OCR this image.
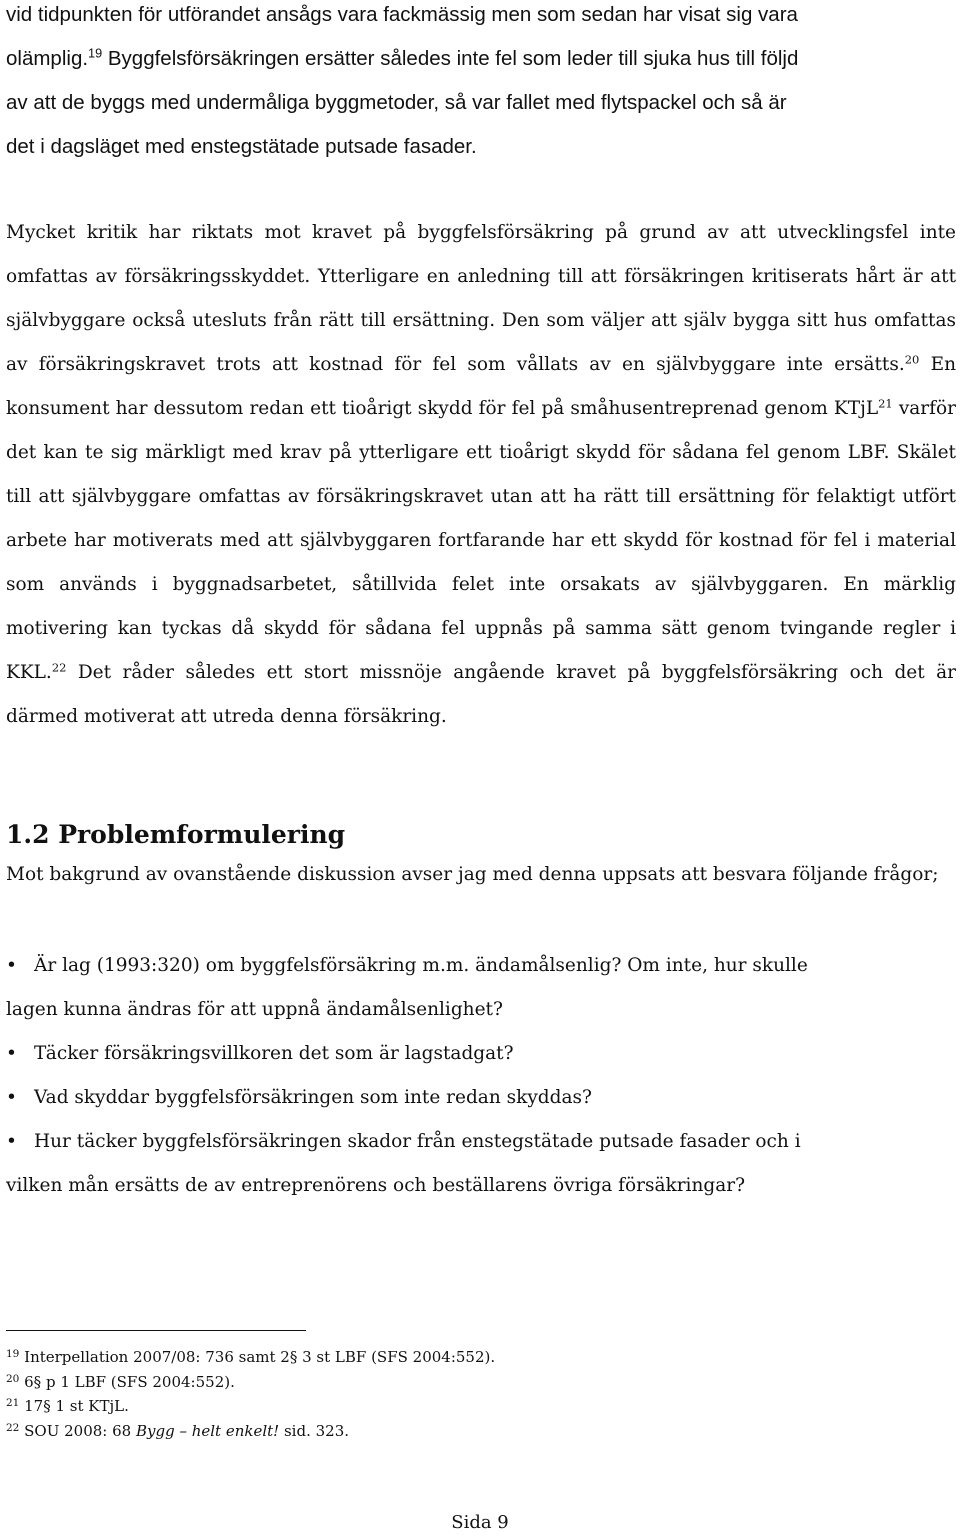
vid tidpunkten för utförandet ansågs vara fackmässig men som sedan har visat sig vara
olämplig.$^{19}$ Byggfelsförsäkringen ersätter således inte fel som leder till sjuka hus till följd
av att de byggs med undermåliga byggmetoder, så var fallet med flytspackel och så är
det i dagsläget med enstegstätade putsade fasader.
Mycket kritik har riktats mot kravet på byggfelsförsäkring på grund av att utvecklingsfel inte omfattas av försäkringsskyddet. Ytterligare en anledning till att försäkringen kritiserats hårt är att självbyggare också utesluts från rätt till ersättning. Den som väljer att själv bygga sitt hus omfattas av försäkringskravet trots att kostnad för fel som vållats av en självbyggare inte ersätts.$^{20}$ En konsument har dessutom redan ett tioårigt skydd för fel på småhusentreprenad genom KTjL$^{21}$ varför det kan te sig märkligt med krav på ytterligare ett tioårigt skydd för sådana fel genom LBF. Skälet till att självbyggare omfattas av försäkringskravet utan att ha rätt till ersättning för felaktigt utfört arbete har motiverats med att självbyggaren fortfarande har ett skydd för kostnad för fel i material som används i byggnadsarbetet, såtillvida felet inte orsakats av självbyggaren. En märklig motivering kan tyckas då skydd för sådana fel uppnås på samma sätt genom tvingande regler i KKL.$^{22}$ Det råder således ett stort missnöje angående kravet på byggfelsförsäkring och det är därmed motiverat att utreda denna försäkring.
1.2 Problemformulering
Mot bakgrund av ovanstående diskussion avser jag med denna uppsats att besvara följande frågor;
• Är lag (1993:320) om byggfelsförsäkring m.m. ändamålsenlig? Om inte, hur skulle
lagen kunna ändras för att uppnå ändamålsenlighet?
• Täcker försäkringsvillkoren det som är lagstadgat?
• Vad skyddar byggfelsförsäkringen som inte redan skyddas?
• Hur täcker byggfelsförsäkringen skador från enstegstätade putsade fasader och i
vilken mån ersätts de av entreprenörens och beställarens övriga försäkringar?
$^{19}$ Interpellation 2007/08: 736 samt 2§ 3 st LBF (SFS 2004:552).
$^{20}$ 6§ p 1 LBF (SFS 2004:552).
$^{21}$ 17§ 1 st KTjL.
$^{22}$ SOU 2008: 68 Bygg – helt enkelt! sid. 323.
Sida 9
